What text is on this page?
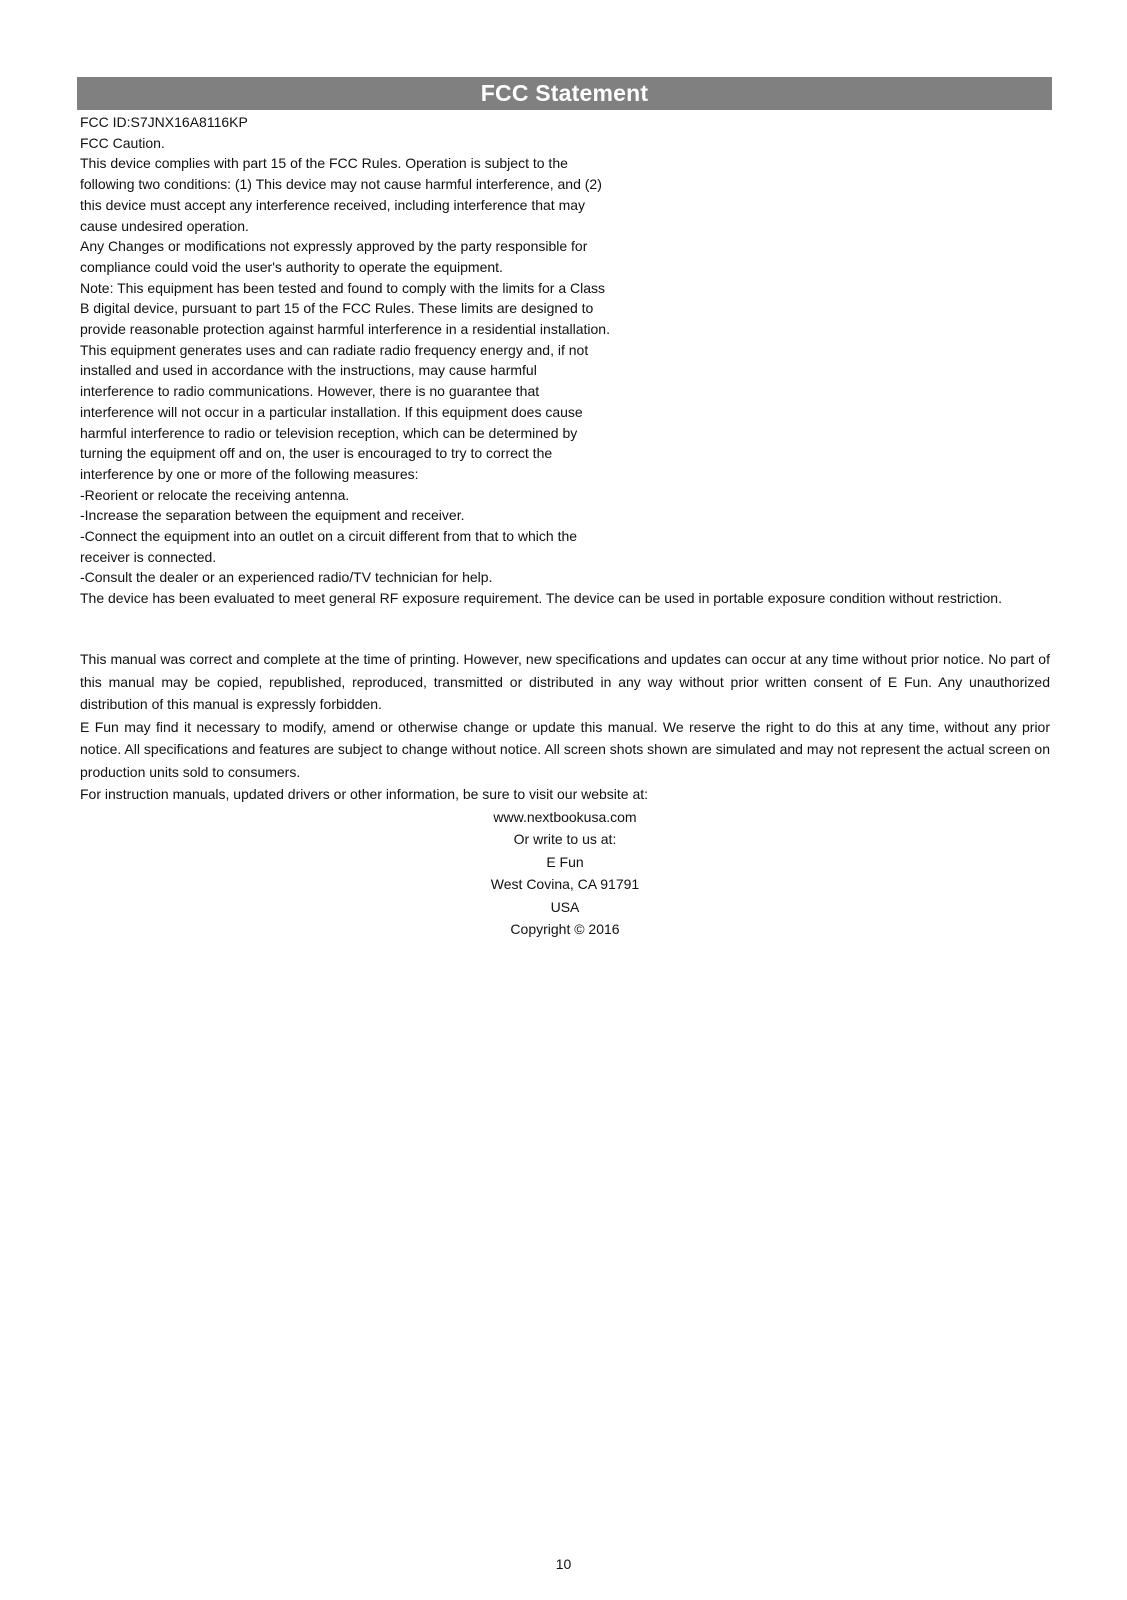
FCC Statement
FCC ID:S7JNX16A8116KP
FCC Caution.
This device complies with part 15 of the FCC Rules. Operation is subject to the
following two conditions: (1) This device may not cause harmful interference, and (2)
this device must accept any interference received, including interference that may
cause undesired operation.
Any Changes or modifications not expressly approved by the party responsible for
compliance could void the user's authority to operate the equipment.
Note: This equipment has been tested and found to comply with the limits for a Class
B digital device, pursuant to part 15 of the FCC Rules. These limits are designed to
provide reasonable protection against harmful interference in a residential installation.
This equipment generates uses and can radiate radio frequency energy and, if not
installed and used in accordance with the instructions, may cause harmful
interference to radio communications. However, there is no guarantee that
interference will not occur in a particular installation. If this equipment does cause
harmful interference to radio or television reception, which can be determined by
turning the equipment off and on, the user is encouraged to try to correct the
interference by one or more of the following measures:
-Reorient or relocate the receiving antenna.
-Increase the separation between the equipment and receiver.
-Connect the equipment into an outlet on a circuit different from that to which the
receiver is connected.
-Consult the dealer or an experienced radio/TV technician for help.
The device has been evaluated to meet general RF exposure requirement. The device can be used in portable exposure condition without restriction.
This manual was correct and complete at the time of printing. However, new specifications and updates can occur at any time without prior notice. No part of this manual may be copied, republished, reproduced, transmitted or distributed in any way without prior written consent of E Fun. Any unauthorized distribution of this manual is expressly forbidden.
E Fun may find it necessary to modify, amend or otherwise change or update this manual. We reserve the right to do this at any time, without any prior notice. All specifications and features are subject to change without notice. All screen shots shown are simulated and may not represent the actual screen on production units sold to consumers.
For instruction manuals, updated drivers or other information, be sure to visit our website at:
www.nextbookusa.com
Or write to us at:
E Fun
West Covina, CA 91791
USA
Copyright © 2016
10
